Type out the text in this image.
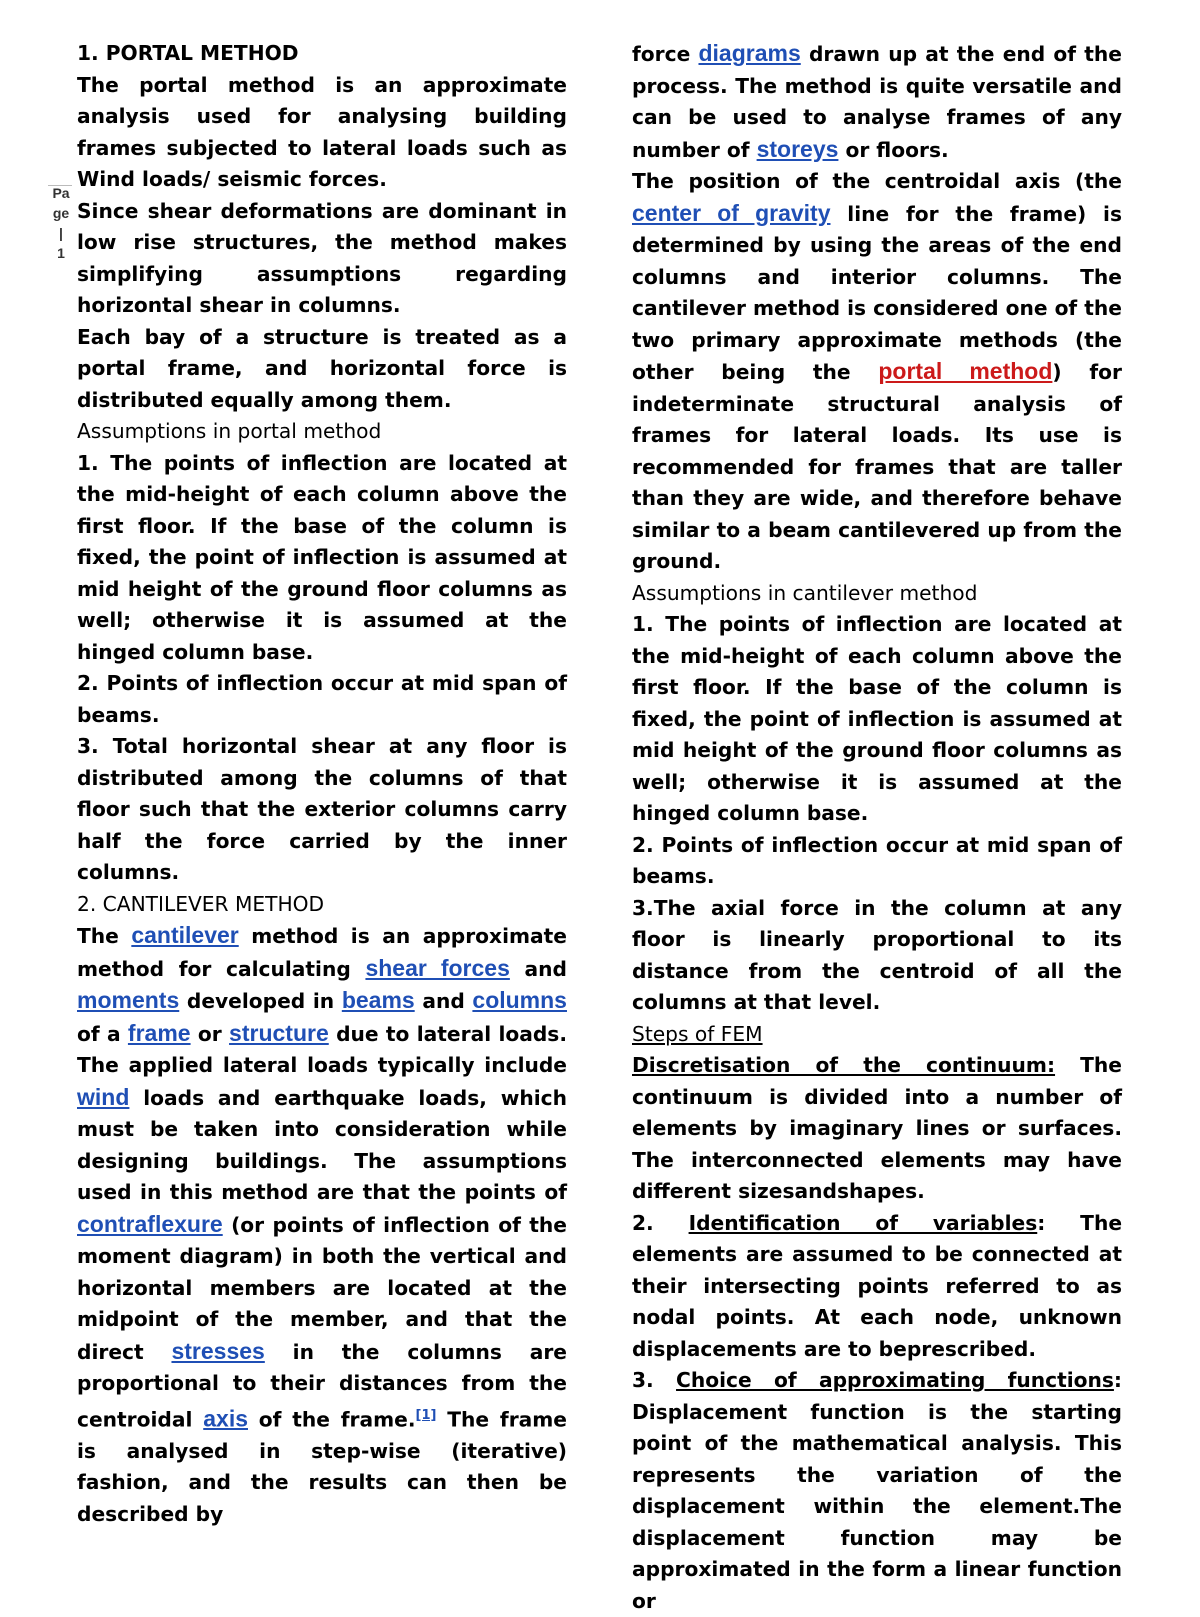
Pa
ge
|
1

1. PORTAL METHOD

The portal method is an approximate analysis used for analysing building frames subjected to lateral loads such as Wind loads/ seismic forces.

Since shear deformations are dominant in low rise structures, the method makes simplifying assumptions regarding horizontal shear in columns.

Each bay of a structure is treated as a portal frame, and horizontal force is distributed equally among them.

Assumptions in portal method

1. The points of inflection are located at the mid-height of each column above the first floor. If the base of the column is fixed, the point of inflection is assumed at mid height of the ground floor columns as well; otherwise it is assumed at the hinged column base.

2. Points of inflection occur at mid span of beams.

3. Total horizontal shear at any floor is distributed among the columns of that floor such that the exterior columns carry half the force carried by the inner columns.

2. CANTILEVER METHOD

The cantilever method is an approximate method for calculating shear forces and moments developed in beams and columns of a frame or structure due to lateral loads. The applied lateral loads typically include wind loads and earthquake loads, which must be taken into consideration while designing buildings. The assumptions used in this method are that the points of contraflexure (or points of inflection of the moment diagram) in both the vertical and horizontal members are located at the midpoint of the member, and that the direct stresses in the columns are proportional to their distances from the centroidal axis of the frame.[1] The frame is analysed in step-wise (iterative) fashion, and the results can then be described by

force diagrams drawn up at the end of the process. The method is quite versatile and can be used to analyse frames of any number of storeys or floors.

The position of the centroidal axis (the center of gravity line for the frame) is determined by using the areas of the end columns and interior columns. The cantilever method is considered one of the two primary approximate methods (the other being the portal method) for indeterminate structural analysis of frames for lateral loads. Its use is recommended for frames that are taller than they are wide, and therefore behave similar to a beam cantilevered up from the ground.

Assumptions in cantilever method

1. The points of inflection are located at the mid-height of each column above the first floor. If the base of the column is fixed, the point of inflection is assumed at mid height of the ground floor columns as well; otherwise it is assumed at the hinged column base.

2. Points of inflection occur at mid span of beams.

3.The axial force in the column at any floor is linearly proportional to its distance from the centroid of all the columns at that level.

Steps of FEM

Discretisation of the continuum: The continuum is divided into a number of elements by imaginary lines or surfaces. The interconnected elements may have different sizesandshapes.

2. Identification of variables: The elements are assumed to be connected at their intersecting points referred to as nodal points. At each node, unknown displacements are to beprescribed.

3. Choice of approximating functions: Displacement function is the starting point of the mathematical analysis. This represents the variation of the displacement within the element.The displacement function may be approximated in the form a linear function or
